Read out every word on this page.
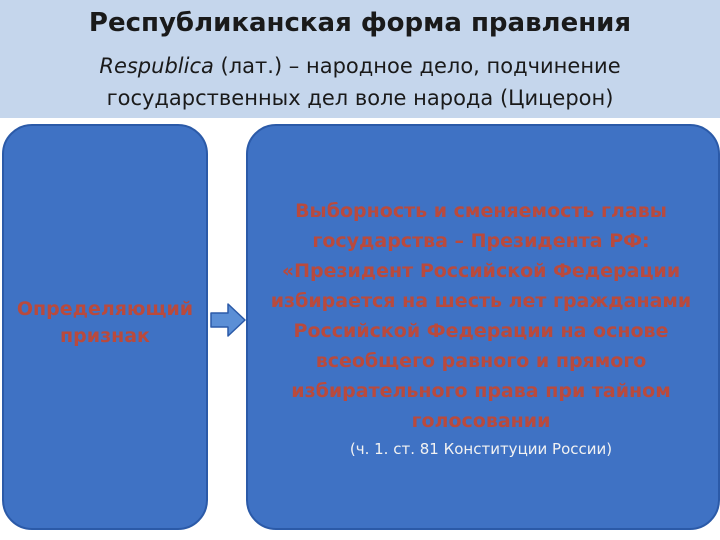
Республиканская форма правления
Respublica (лат.) – народное дело, подчинение государственных дел воле народа (Цицерон)
Определяющий признак
Выборность и сменяемость главы государства – Президента РФ: «Президент Российской Федерации избирается на шесть лет гражданами Российской Федерации на основе всеобщего равного и прямого избирательного права при тайном голосовании
(ч. 1. ст. 81 Конституции России)
